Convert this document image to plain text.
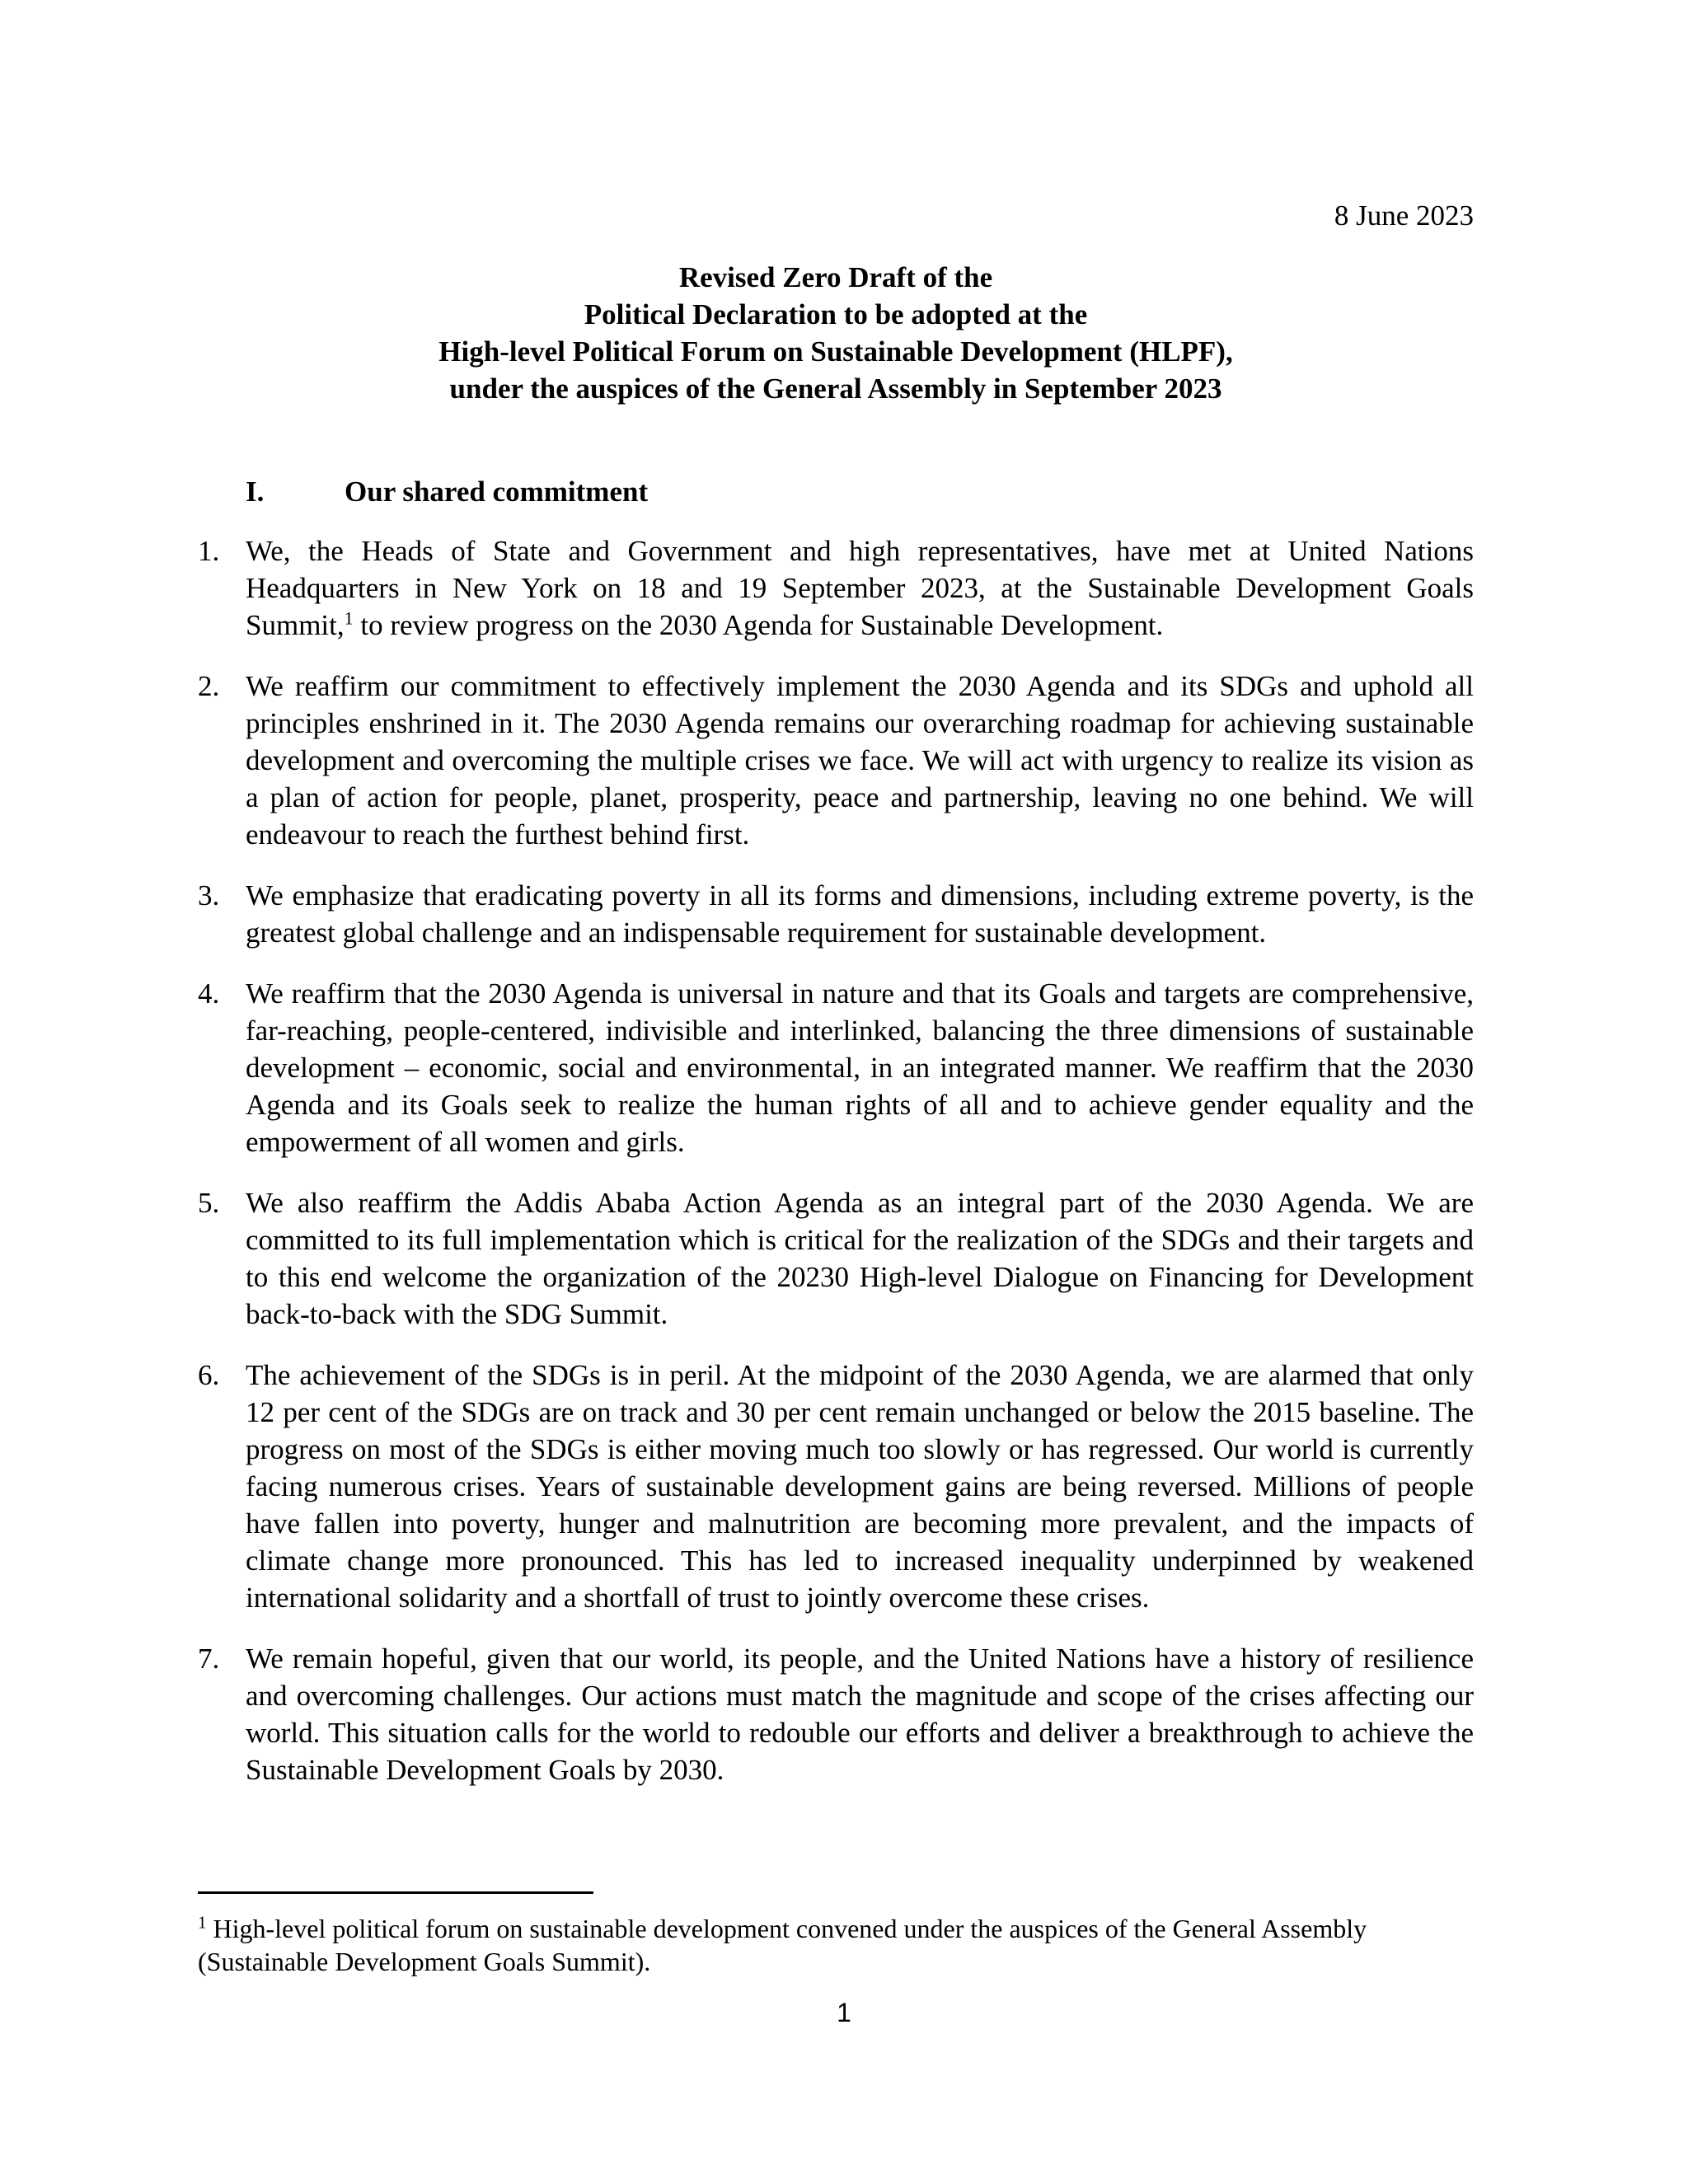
8 June 2023
Revised Zero Draft of the
Political Declaration to be adopted at the
High-level Political Forum on Sustainable Development (HLPF),
under the auspices of the General Assembly in September 2023
I.	Our shared commitment
1. We, the Heads of State and Government and high representatives, have met at United Nations Headquarters in New York on 18 and 19 September 2023, at the Sustainable Development Goals Summit,$^1$ to review progress on the 2030 Agenda for Sustainable Development.
2. We reaffirm our commitment to effectively implement the 2030 Agenda and its SDGs and uphold all principles enshrined in it. The 2030 Agenda remains our overarching roadmap for achieving sustainable development and overcoming the multiple crises we face. We will act with urgency to realize its vision as a plan of action for people, planet, prosperity, peace and partnership, leaving no one behind. We will endeavour to reach the furthest behind first.
3. We emphasize that eradicating poverty in all its forms and dimensions, including extreme poverty, is the greatest global challenge and an indispensable requirement for sustainable development.
4. We reaffirm that the 2030 Agenda is universal in nature and that its Goals and targets are comprehensive, far-reaching, people-centered, indivisible and interlinked, balancing the three dimensions of sustainable development – economic, social and environmental, in an integrated manner. We reaffirm that the 2030 Agenda and its Goals seek to realize the human rights of all and to achieve gender equality and the empowerment of all women and girls.
5. We also reaffirm the Addis Ababa Action Agenda as an integral part of the 2030 Agenda. We are committed to its full implementation which is critical for the realization of the SDGs and their targets and to this end welcome the organization of the 20230 High-level Dialogue on Financing for Development back-to-back with the SDG Summit.
6. The achievement of the SDGs is in peril. At the midpoint of the 2030 Agenda, we are alarmed that only 12 per cent of the SDGs are on track and 30 per cent remain unchanged or below the 2015 baseline. The progress on most of the SDGs is either moving much too slowly or has regressed. Our world is currently facing numerous crises. Years of sustainable development gains are being reversed. Millions of people have fallen into poverty, hunger and malnutrition are becoming more prevalent, and the impacts of climate change more pronounced. This has led to increased inequality underpinned by weakened international solidarity and a shortfall of trust to jointly overcome these crises.
7. We remain hopeful, given that our world, its people, and the United Nations have a history of resilience and overcoming challenges. Our actions must match the magnitude and scope of the crises affecting our world. This situation calls for the world to redouble our efforts and deliver a breakthrough to achieve the Sustainable Development Goals by 2030.
$^1$ High-level political forum on sustainable development convened under the auspices of the General Assembly (Sustainable Development Goals Summit).
1
